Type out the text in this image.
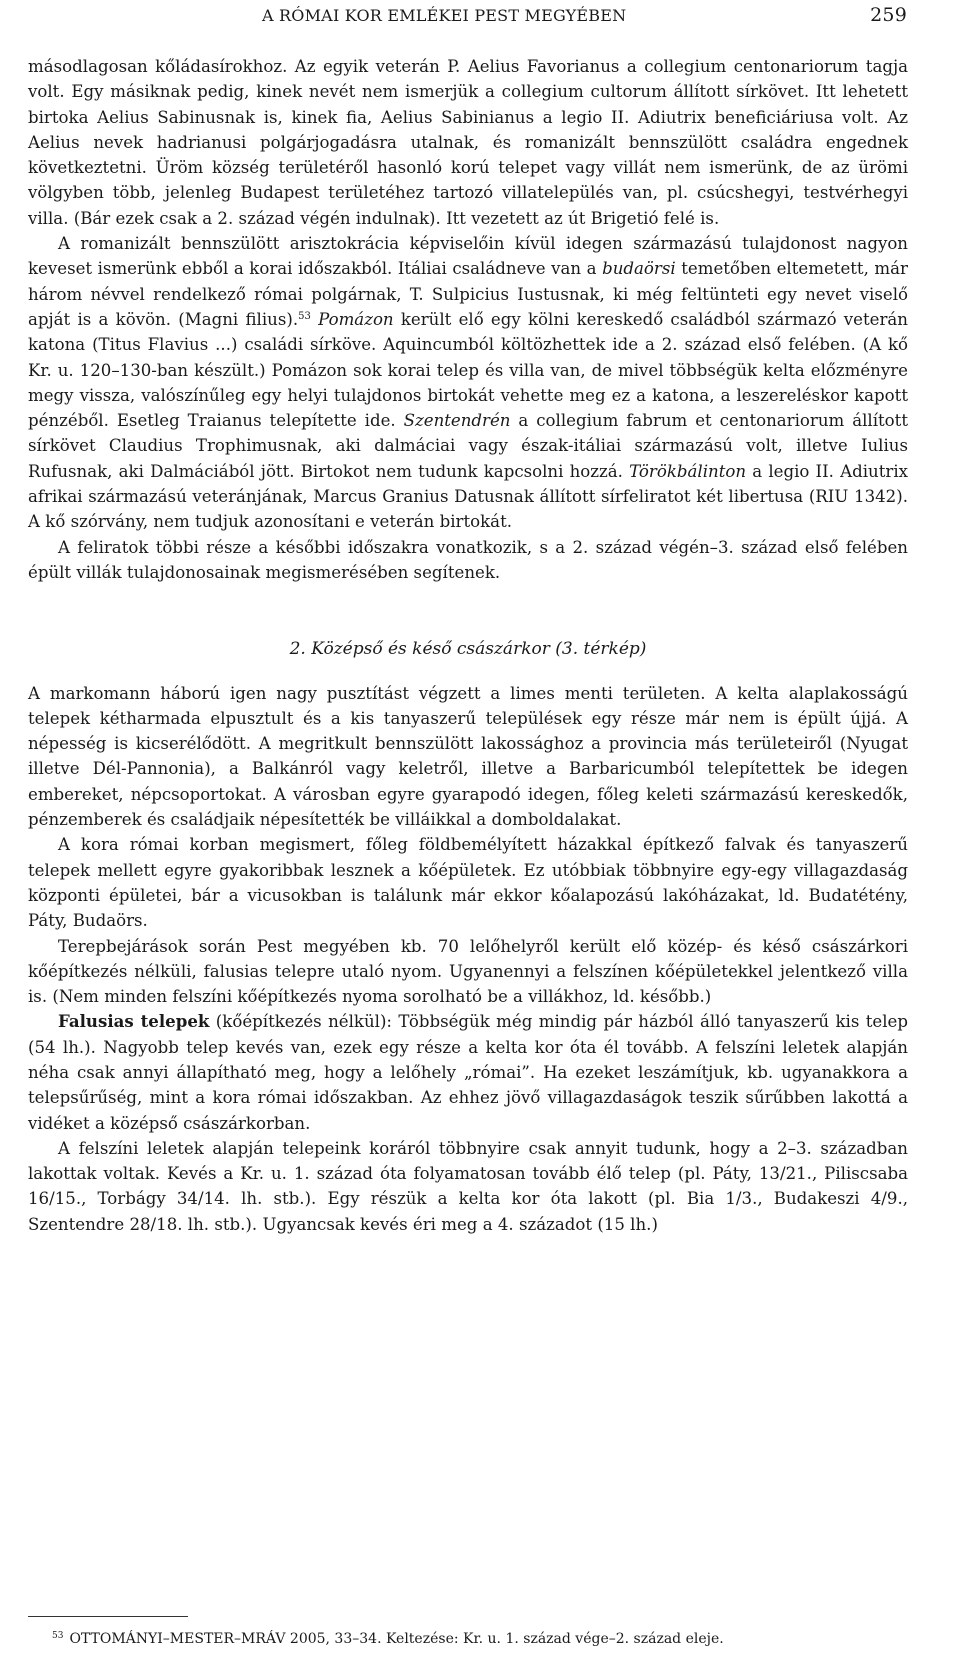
A RÓMAI KOR EMLÉKEI PEST MEGYÉBEN	259

másodlagosan kőládasírokhoz. Az egyik veterán P. Aelius Favorianus a collegium centonariorum tagja volt. Egy másiknak pedig, kinek nevét nem ismerjük a collegium cultorum állított sírkövet. Itt lehetett birtoka Aelius Sabinusnak is, kinek fia, Aelius Sabinianus a legio II. Adiutrix beneficiáriusa volt. Az Aelius nevek hadrianusi polgárjogadásra utalnak, és romanizált bennszülött családra engednek következtetni. Üröm község területéről hasonló korú telepet vagy villát nem ismerünk, de az ürömi völgyben több, jelenleg Budapest területéhez tartozó villatelepülés van, pl. csúcshegyi, testvérhegyi villa. (Bár ezek csak a 2. század végén indulnak). Itt vezetett az út Brigetió felé is.

A romanizált bennszülött arisztokrácia képviselőin kívül idegen származású tulajdonost nagyon keveset ismerünk ebből a korai időszakból. Itáliai családneve van a budaörsi temetőben eltemetett, már három névvel rendelkező római polgárnak, T. Sulpicius Iustusnak, ki még feltünteti egy nevet viselő apját is a kövön. (Magni filius).$^{53}$ Pomázon került elő egy kölni kereskedő családból származó veterán katona (Titus Flavius ...) családi sírköve. Aquincumból költözhettek ide a 2. század első felében. (A kő Kr. u. 120–130-ban készült.) Pomázon sok korai telep és villa van, de mivel többségük kelta előzményre megy vissza, valószínűleg egy helyi tulajdonos birtokát vehette meg ez a katona, a leszereléskor kapott pénzéből. Esetleg Traianus telepítette ide. Szentendrén a collegium fabrum et centonariorum állított sírkövet Claudius Trophimusnak, aki dalmáciai vagy észak-itáliai származású volt, illetve Iulius Rufusnak, aki Dalmáciából jött. Birtokot nem tudunk kapcsolni hozzá. Törökbálinton a legio II. Adiutrix afrikai származású veteránjának, Marcus Granius Datusnak állított sírfeliratot két libertusa (RIU 1342). A kő szórvány, nem tudjuk azonosítani e veterán birtokát.

A feliratok többi része a későbbi időszakra vonatkozik, s a 2. század végén–3. század első felében épült villák tulajdonosainak megismerésében segítenek.

2. Középső és késő császárkor (3. térkép)

A markomann háború igen nagy pusztítást végzett a limes menti területen. A kelta alaplakosságú telepek kétharmada elpusztult és a kis tanyaszerű települések egy része már nem is épült újjá. A népesség is kicserélődött. A megritkult bennszülött lakossághoz a provincia más területeiről (Nyugat illetve Dél-Pannonia), a Balkánról vagy keletről, illetve a Barbaricumból telepítettek be idegen embereket, népcsoportokat. A városban egyre gyarapodó idegen, főleg keleti származású kereskedők, pénzemberek és családjaik népesítették be villáikkal a domboldalakat.

A kora római korban megismert, főleg földbemélyített házakkal építkező falvak és tanyaszerű telepek mellett egyre gyakoribbak lesznek a kőépületek. Ez utóbbiak többnyire egy-egy villagazdaság központi épületei, bár a vicusokban is találunk már ekkor kőalapozású lakóházakat, ld. Budatétény, Páty, Budaörs.

Terepbejárások során Pest megyében kb. 70 lelőhelyről került elő közép- és késő császárkori kőépítkezés nélküli, falusias telepre utaló nyom. Ugyanennyi a felszínen kőépületekkel jelentkező villa is. (Nem minden felszíni kőépítkezés nyoma sorolható be a villákhoz, ld. később.)

Falusias telepek (kőépítkezés nélkül): Többségük még mindig pár házból álló tanyaszerű kis telep (54 lh.). Nagyobb telep kevés van, ezek egy része a kelta kor óta él tovább. A felszíni leletek alapján néha csak annyi állapítható meg, hogy a lelőhely „római”. Ha ezeket leszámítjuk, kb. ugyanakkora a telepsűrűség, mint a kora római időszakban. Az ehhez jövő villagazdaságok teszik sűrűbben lakottá a vidéket a középső császárkorban.

A felszíni leletek alapján telepeink koráról többnyire csak annyit tudunk, hogy a 2–3. században lakottak voltak. Kevés a Kr. u. 1. század óta folyamatosan tovább élő telep (pl. Páty, 13/21., Piliscsaba 16/15., Torbágy 34/14. lh. stb.). Egy részük a kelta kor óta lakott (pl. Bia 1/3., Budakeszi 4/9., Szentendre 28/18. lh. stb.). Ugyancsak kevés éri meg a 4. századot (15 lh.)

$^{53}$ OTTOMÁNYI–MESTER–MRÁV 2005, 33–34. Keltezése: Kr. u. 1. század vége–2. század eleje.
